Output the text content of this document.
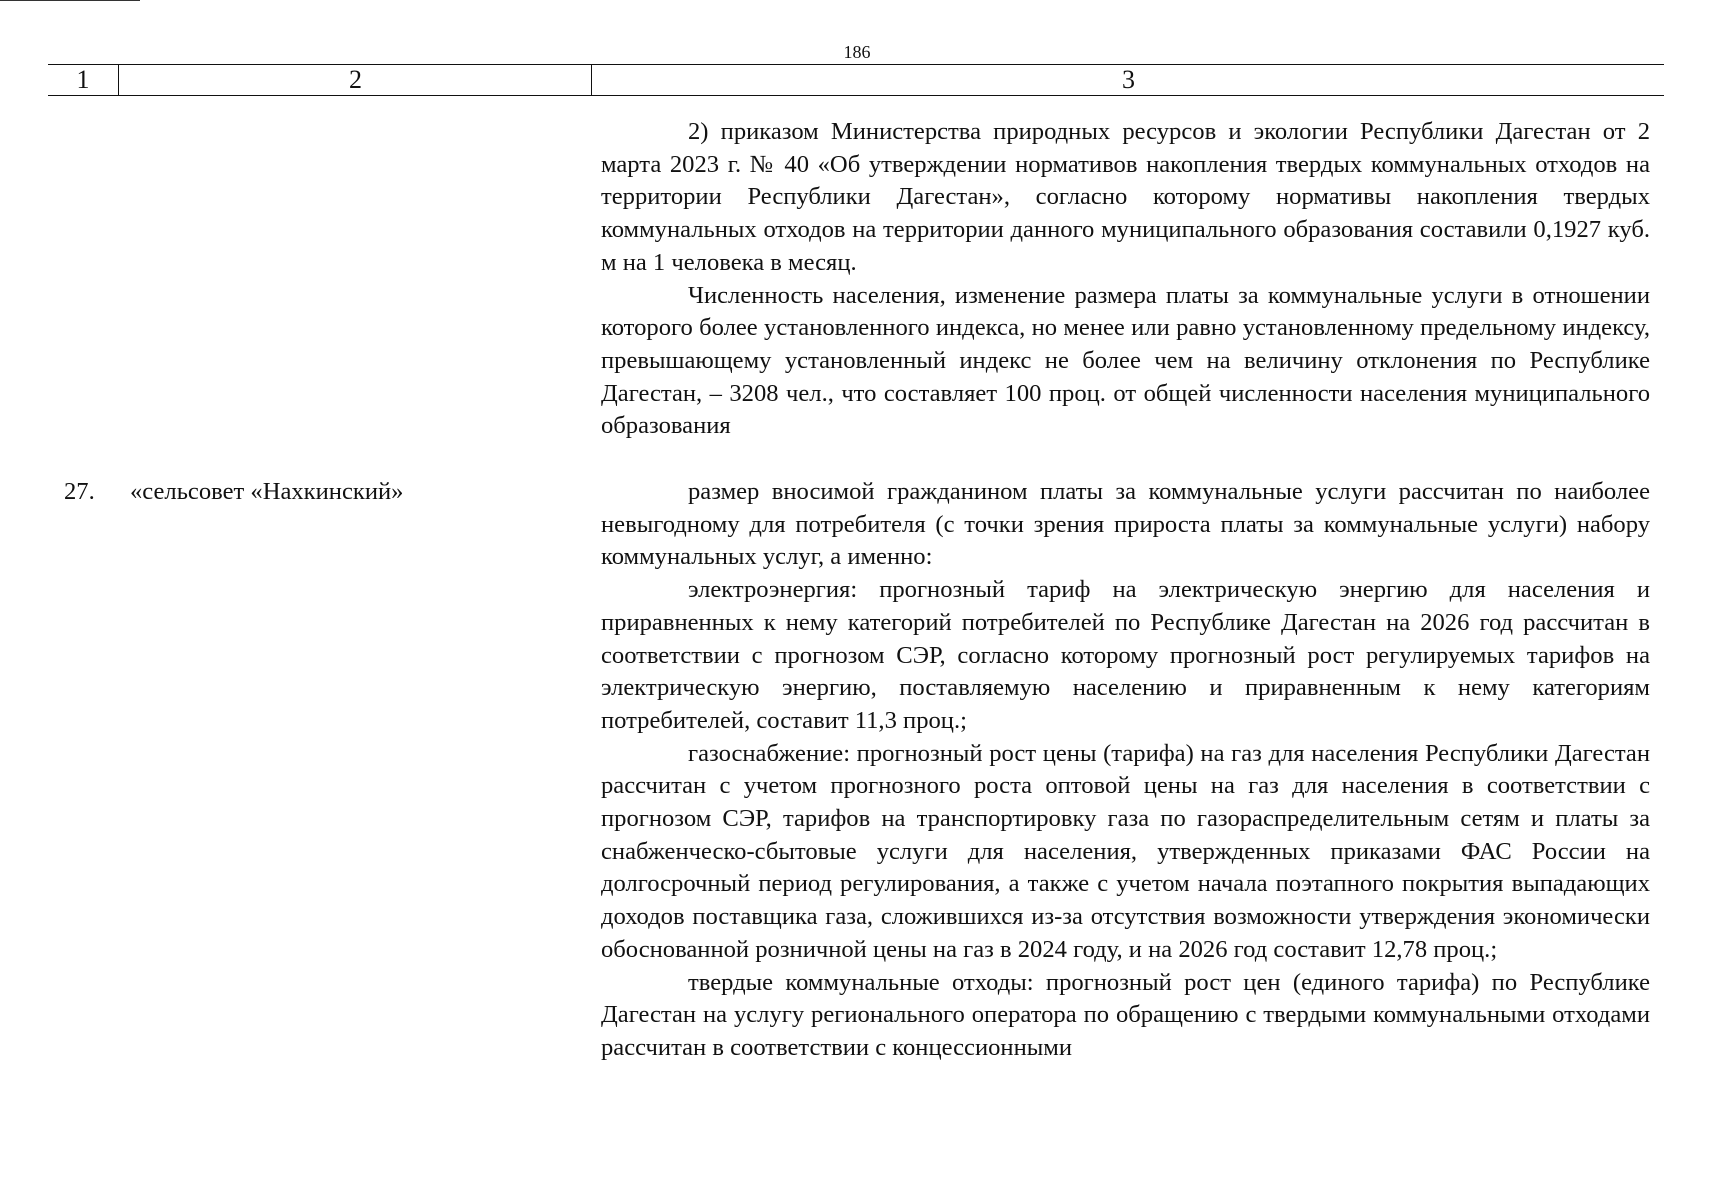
186
1	2	3

2) приказом Министерства природных ресурсов и экологии Республики Дагестан от 2 марта 2023 г. № 40 «Об утверждении нормативов накопления твердых коммунальных отходов на территории Республики Дагестан», согласно которому нормативы накопления твердых коммунальных отходов на территории данного муниципального образования составили 0,1927 куб. м на 1 человека в месяц.

Численность населения, изменение размера платы за коммунальные услуги в отношении которого более установленного индекса, но менее или равно установленному предельному индексу, превышающему установленный индекс не более чем на величину отклонения по Республике Дагестан, – 3208 чел., что составляет 100 проц. от общей численности населения муниципального образования

27. «сельсовет «Нахкинский»	размер вносимой гражданином платы за коммунальные услуги рассчитан по наиболее невыгодному для потребителя (с точки зрения прироста платы за коммунальные услуги) набору коммунальных услуг, а именно:

электроэнергия: прогнозный тариф на электрическую энергию для населения и приравненных к нему категорий потребителей по Республике Дагестан на 2026 год рассчитан в соответствии с прогнозом СЭР, согласно которому прогнозный рост регулируемых тарифов на электрическую энергию, поставляемую населению и приравненным к нему категориям потребителей, составит 11,3 проц.;

газоснабжение: прогнозный рост цены (тарифа) на газ для населения Республики Дагестан рассчитан с учетом прогнозного роста оптовой цены на газ для населения в соответствии с прогнозом СЭР, тарифов на транспортировку газа по газораспределительным сетям и платы за снабженческо-сбытовые услуги для населения, утвержденных приказами ФАС России на долгосрочный период регулирования, а также с учетом начала поэтапного покрытия выпадающих доходов поставщика газа, сложившихся из-за отсутствия возможности утверждения экономически обоснованной розничной цены на газ в 2024 году, и на 2026 год составит 12,78 проц.;

твердые коммунальные отходы: прогнозный рост цен (единого тарифа) по Республике Дагестан на услугу регионального оператора по обращению с твердыми коммунальными отходами рассчитан в соответствии с концессионными
